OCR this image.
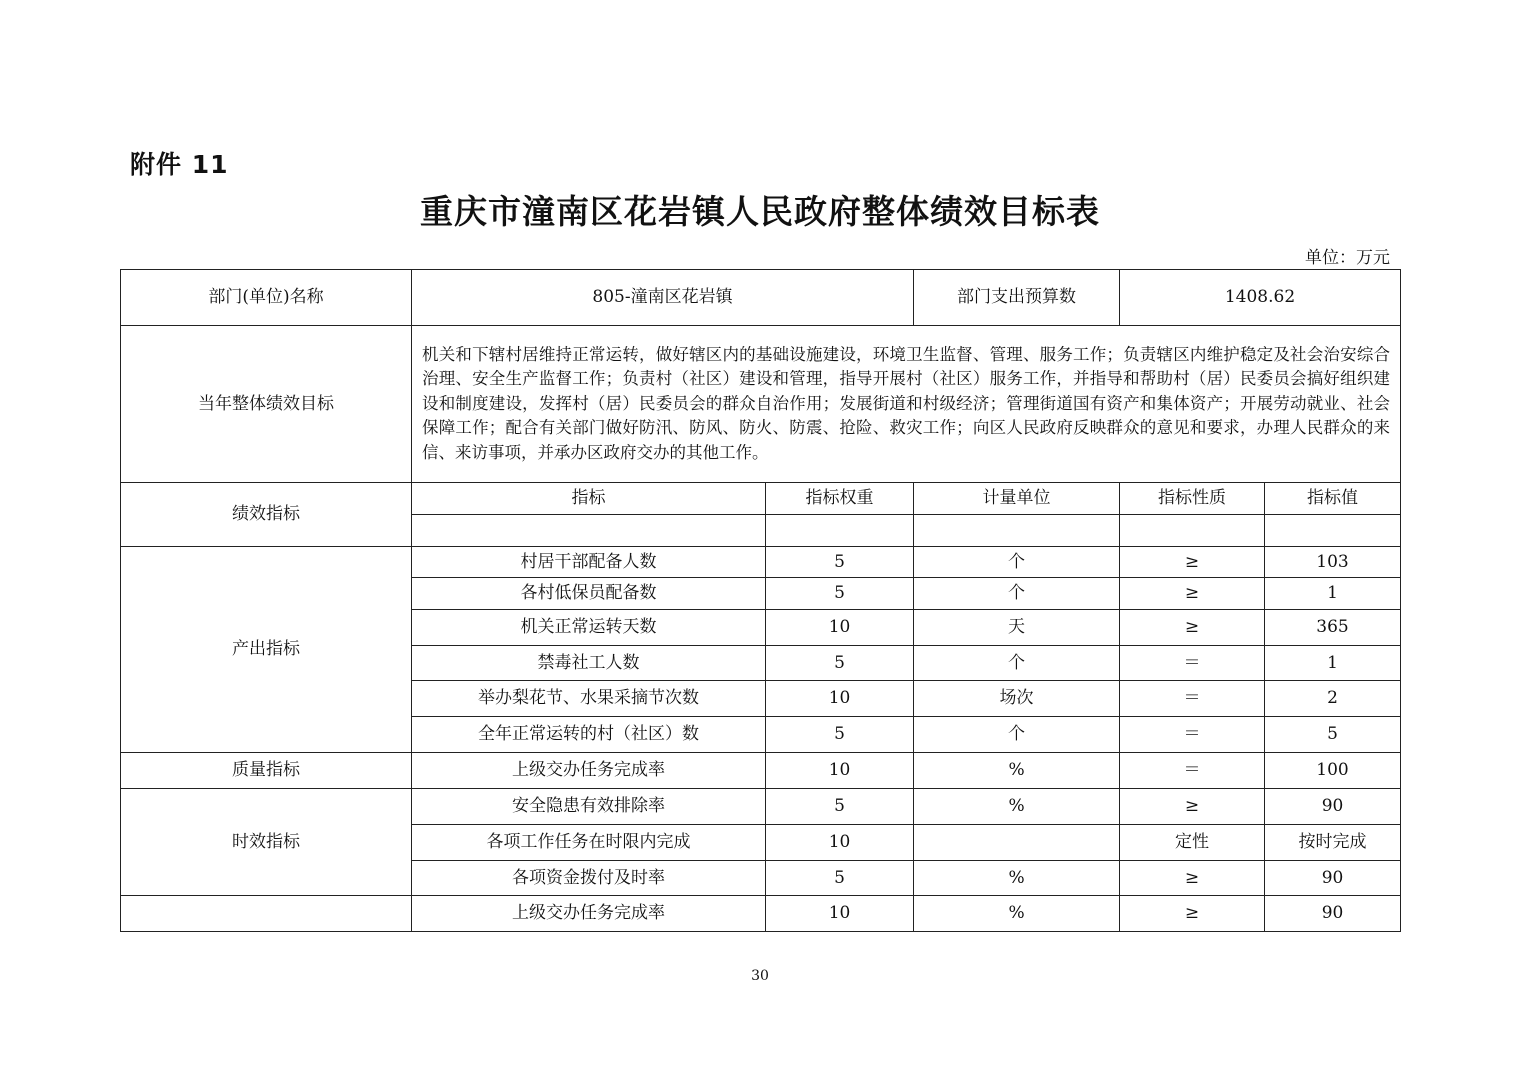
附件 11
重庆市潼南区花岩镇人民政府整体绩效目标表
单位：万元
部门(单位)名称	805-潼南区花岩镇		部门支出预算数	1408.62	
当年整体绩效目标	机关和下辖村居维持正常运转，做好辖区内的基础设施建设，环境卫生监督、管理、服务工作；负责辖区内维护稳定及社会治安综合治理、安全生产监督工作；负责村（社区）建设和管理，指导开展村（社区）服务工作，并指导和帮助村（居）民委员会搞好组织建设和制度建设，发挥村（居）民委员会的群众自治作用；发展街道和村级经济；管理街道国有资产和集体资产；开展劳动就业、社会保障工作；配合有关部门做好防汛、防风、防火、防震、抢险、救灾工作；向区人民政府反映群众的意见和要求，办理人民群众的来信、来访事项，并承办区政府交办的其他工作。				
绩效指标	指标	指标权重	计量单位	指标性质	指标值

产出指标	村居干部配备人数	5	个	≥	103
	各村低保员配备数	5	个	≥	1
	机关正常运转天数	10	天	≥	365
	禁毒社工人数	5	个	＝	1
	举办梨花节、水果采摘节次数	10	场次	＝	2
	全年正常运转的村（社区）数	5	个	＝	5
质量指标	上级交办任务完成率	10	%	＝	100
时效指标	安全隐患有效排除率	5	%	≥	90
	各项工作任务在时限内完成	10		定性	按时完成
	各项资金拨付及时率	5	%	≥	90
	上级交办任务完成率	10	%	≥	90
30
